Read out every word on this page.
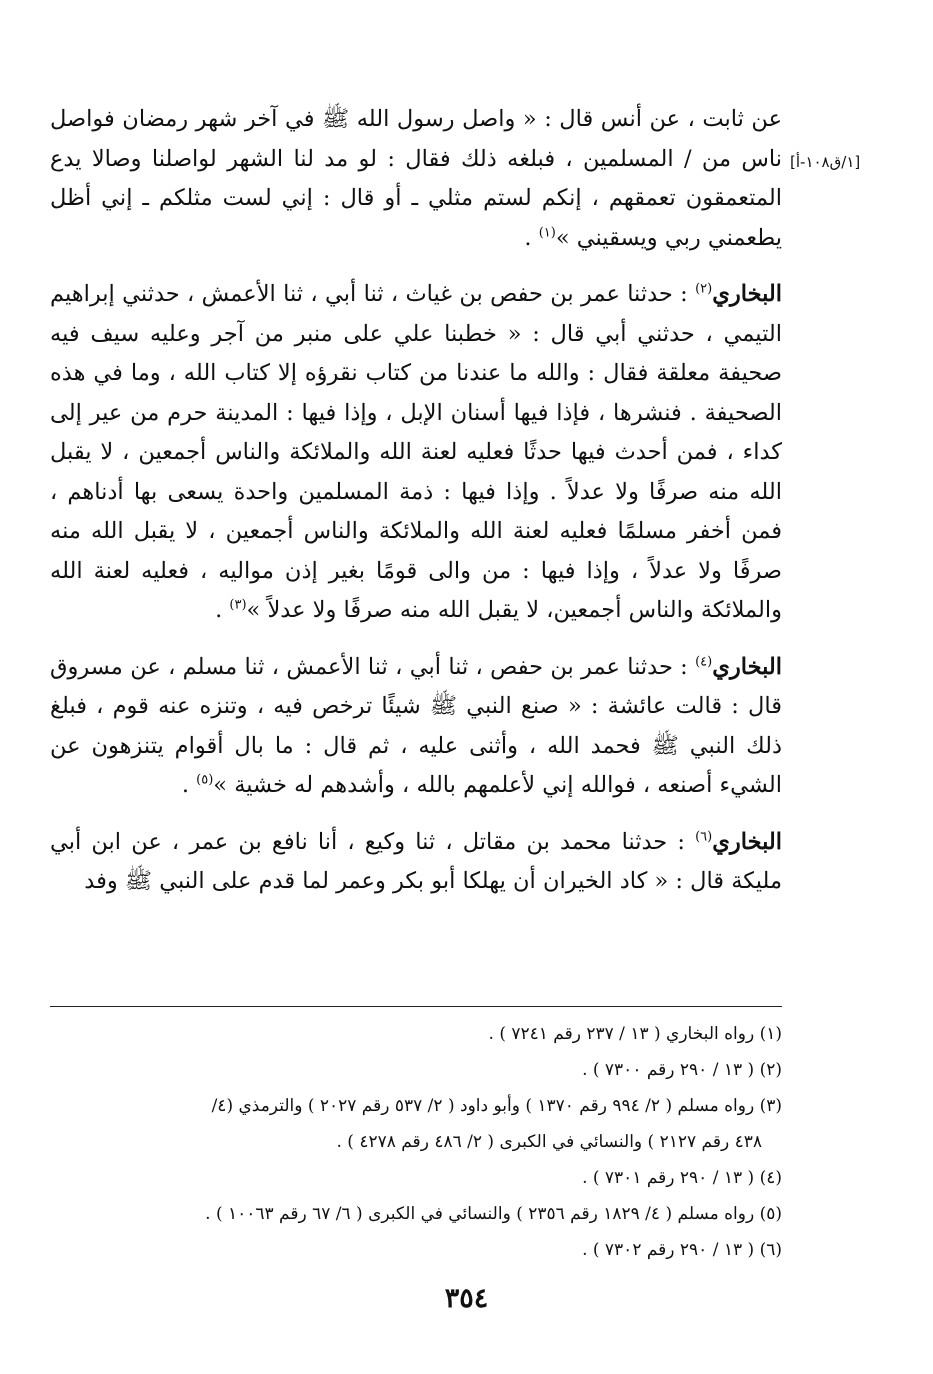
[١/ق١٠٨-أ]

عن ثابت ، عن أنس قال : « واصل رسول الله ﷺ في آخر شهر رمضان فواصل ناس من / المسلمين ، فبلغه ذلك فقال : لو مد لنا الشهر لواصلنا وصالا يدع المتعمقون تعمقهم ، إنكم لستم مثلي ـ أو قال : إني لست مثلكم ـ إني أظل يطعمني ربي ويسقيني »$^{(١)}$ .

البخاري$^{(٢)}$ : حدثنا عمر بن حفص بن غياث ، ثنا أبي ، ثنا الأعمش ، حدثني إبراهيم التيمي ، حدثني أبي قال : « خطبنا علي على منبر من آجر وعليه سيف فيه صحيفة معلقة فقال : والله ما عندنا من كتاب نقرؤه إلا كتاب الله ، وما في هذه الصحيفة . فنشرها ، فإذا فيها أسنان الإبل ، وإذا فيها : المدينة حرم من عير إلى كداء ، فمن أحدث فيها حدثًا فعليه لعنة الله والملائكة والناس أجمعين ، لا يقبل الله منه صرفًا ولا عدلاً . وإذا فيها : ذمة المسلمين واحدة يسعى بها أدناهم ، فمن أخفر مسلمًا فعليه لعنة الله والملائكة والناس أجمعين ، لا يقبل الله منه صرفًا ولا عدلاً ، وإذا فيها : من والى قومًا بغير إذن مواليه ، فعليه لعنة الله والملائكة والناس أجمعين، لا يقبل الله منه صرفًا ولا عدلاً »$^{(٣)}$ .

البخاري$^{(٤)}$ : حدثنا عمر بن حفص ، ثنا أبي ، ثنا الأعمش ، ثنا مسلم ، عن مسروق قال : قالت عائشة : « صنع النبي ﷺ شيئًا ترخص فيه ، وتنزه عنه قوم ، فبلغ ذلك النبي ﷺ فحمد الله ، وأثنى عليه ، ثم قال : ما بال أقوام يتنزهون عن الشيء أصنعه ، فوالله إني لأعلمهم بالله ، وأشدهم له خشية »$^{(٥)}$ .

البخاري$^{(٦)}$ : حدثنا محمد بن مقاتل ، ثنا وكيع ، أنا نافع بن عمر ، عن ابن أبي مليكة قال : « كاد الخيران أن يهلكا أبو بكر وعمر لما قدم على النبي ﷺ وفد

(١) رواه البخاري ( ١٣ / ٢٣٧ رقم ٧٢٤١ ) .

(٢) ( ١٣ / ٢٩٠ رقم ٧٣٠٠ ) .

(٣) رواه مسلم ( ٢/ ٩٩٤ رقم ١٣٧٠ ) وأبو داود ( ٢/ ٥٣٧ رقم ٢٠٢٧ ) والترمذي (٤/

٤٣٨ رقم ٢١٢٧ ) والنسائي في الكبرى ( ٢/ ٤٨٦ رقم ٤٢٧٨ ) .

(٤) ( ١٣ / ٢٩٠ رقم ٧٣٠١ ) .

(٥) رواه مسلم ( ٤/ ١٨٢٩ رقم ٢٣٥٦ ) والنسائي في الكبرى ( ٦/ ٦٧ رقم ١٠٠٦٣ ) .

(٦) ( ١٣ / ٢٩٠ رقم ٧٣٠٢ ) .

٣٥٤
